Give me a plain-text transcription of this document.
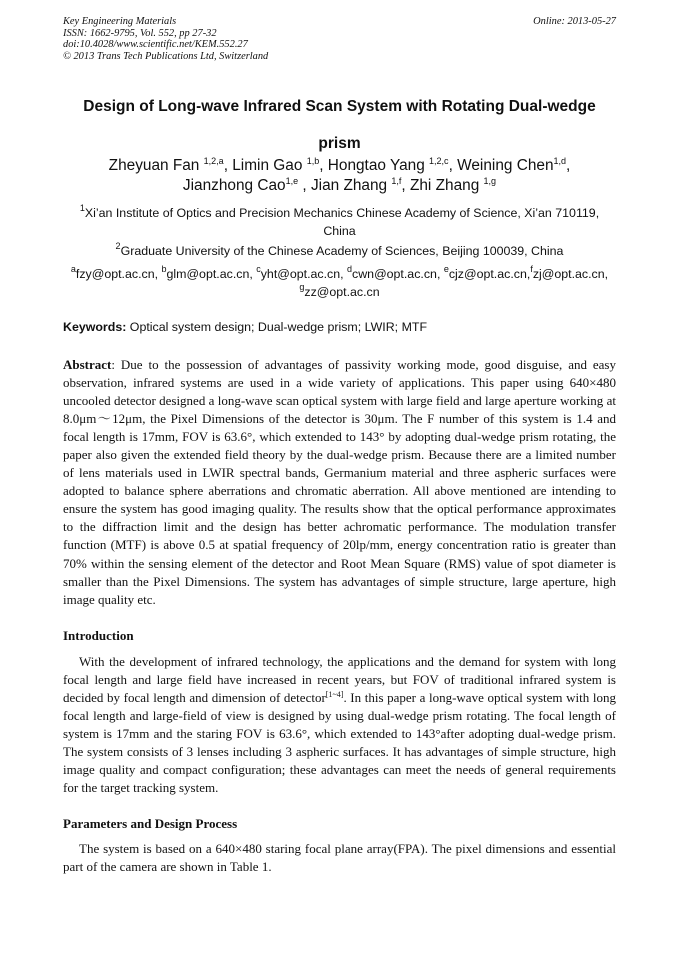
Key Engineering Materials
ISSN: 1662-9795, Vol. 552, pp 27-32
doi:10.4028/www.scientific.net/KEM.552.27
© 2013 Trans Tech Publications Ltd, Switzerland
Online: 2013-05-27
Design of Long-wave Infrared Scan System with Rotating Dual-wedge prism
Zheyuan Fan $^{1,2,a}$, Limin Gao $^{1,b}$, Hongtao Yang $^{1,2,c}$, Weining Chen$^{1,d}$,
Jianzhong Cao$^{1,e}$ , Jian Zhang $^{1,f}$, Zhi Zhang $^{1,g}$
$^1$Xi’an Institute of Optics and Precision Mechanics Chinese Academy of Science, Xi’an 710119, China
$^2$Graduate University of the Chinese Academy of Sciences, Beijing 100039, China
$^a$fzy@opt.ac.cn, $^b$glm@opt.ac.cn, $^c$yht@opt.ac.cn, $^d$cwn@opt.ac.cn, $^e$cjz@opt.ac.cn,$^f$zj@opt.ac.cn,
$^g$zz@opt.ac.cn
Keywords: Optical system design; Dual-wedge prism; LWIR; MTF
Abstract: Due to the possession of advantages of passivity working mode, good disguise, and easy observation, infrared systems are used in a wide variety of applications. This paper using 640×480 uncooled detector designed a long-wave scan optical system with large field and large aperture working at 8.0μm～12μm, the Pixel Dimensions of the detector is 30μm. The F number of this system is 1.4 and focal length is 17mm, FOV is 63.6°, which extended to 143° by adopting dual-wedge prism rotating, the paper also given the extended field theory by the dual-wedge prism. Because there are a limited number of lens materials used in LWIR spectral bands, Germanium material and three aspheric surfaces were adopted to balance sphere aberrations and chromatic aberration. All above mentioned are intending to ensure the system has good imaging quality. The results show that the optical performance approximates to the diffraction limit and the design has better achromatic performance. The modulation transfer function (MTF) is above 0.5 at spatial frequency of 20lp/mm, energy concentration ratio is greater than 70% within the sensing element of the detector and Root Mean Square (RMS) value of spot diameter is smaller than the Pixel Dimensions. The system has advantages of simple structure, large aperture, high image quality etc.
Introduction
With the development of infrared technology, the applications and the demand for system with long focal length and large field have increased in recent years, but FOV of traditional infrared system is decided by focal length and dimension of detector[1~4]. In this paper a long-wave optical system with long focal length and large-field of view is designed by using dual-wedge prism rotating. The focal length of system is 17mm and the staring FOV is 63.6°, which extended to 143°after adopting dual-wedge prism. The system consists of 3 lenses including 3 aspheric surfaces. It has advantages of simple structure, high image quality and compact configuration; these advantages can meet the needs of general requirements for the target tracking system.
Parameters and Design Process
The system is based on a 640×480 staring focal plane array(FPA). The pixel dimensions and essential part of the camera are shown in Table 1.
